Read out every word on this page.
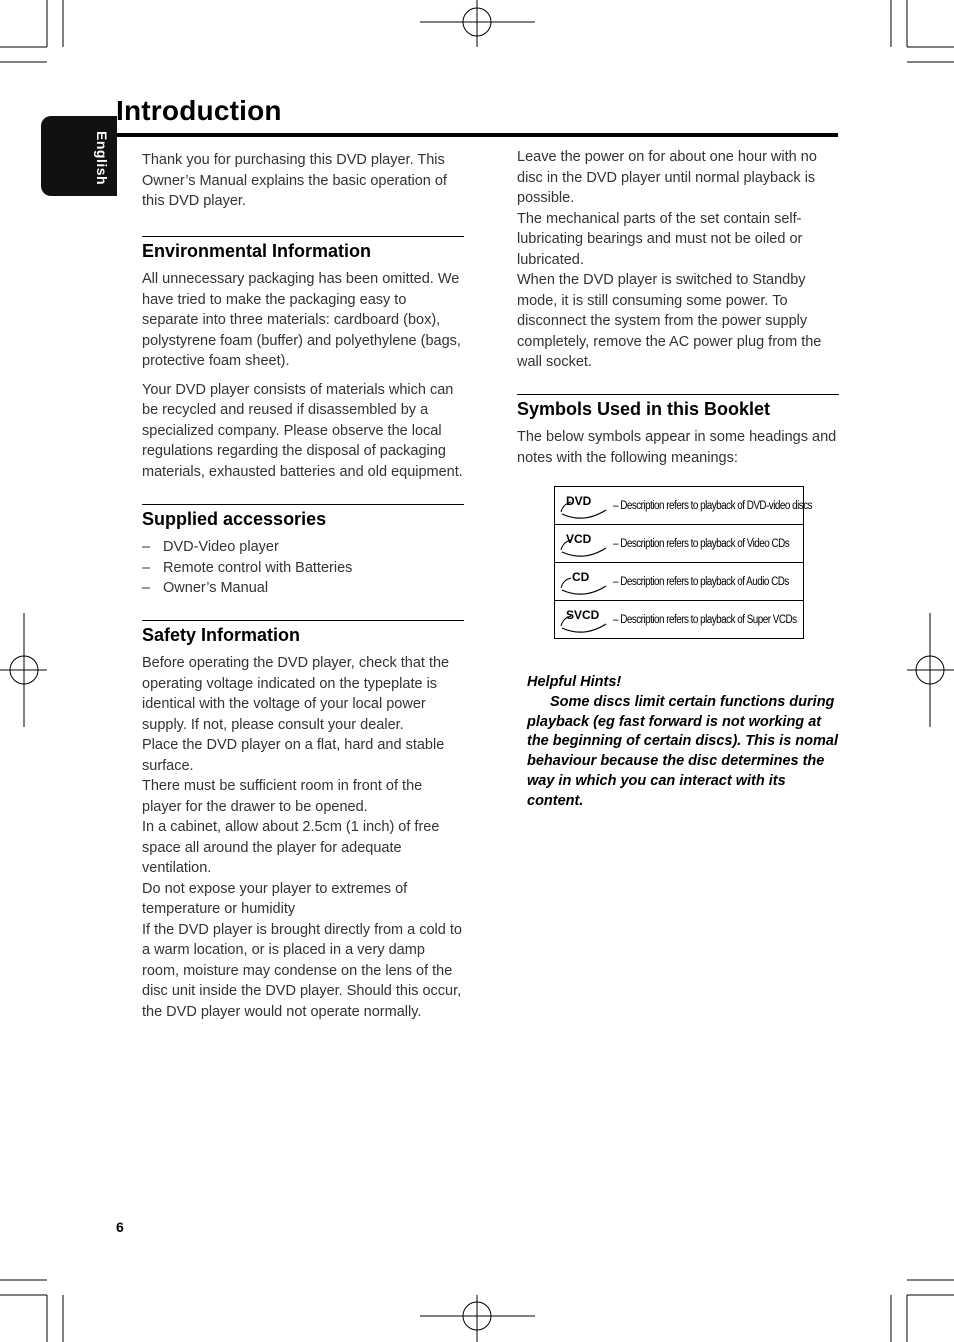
English
Introduction

Thank you for purchasing this DVD player. This Owner’s Manual explains the basic operation of this DVD player.

Environmental Information

All unnecessary packaging has been omitted. We have tried to make the packaging easy to separate into three materials: cardboard (box), polystyrene foam (buffer) and polyethylene (bags, protective foam sheet).

Your DVD player consists of materials which can be recycled and reused if disassembled by a specialized company. Please observe the local regulations regarding the disposal of packaging materials, exhausted batteries and old equipment.

Supplied accessories
– DVD-Video player
– Remote control with Batteries
– Owner’s Manual
Safety Information

Before operating the DVD player, check that the operating voltage indicated on the typeplate is identical with the voltage of your local power supply. If not, please consult your dealer.

Place the DVD player on a flat, hard and stable surface.

There must be sufficient room in front of the player for the drawer to be opened.

In a cabinet, allow about 2.5cm (1 inch) of free space all around the player for adequate ventilation.

Do not expose your player to extremes of temperature or humidity

If the DVD player is brought directly from a cold to a warm location, or is placed in a very damp room, moisture may condense on the lens of the disc unit inside the DVD player. Should this occur, the DVD player would not operate normally.

Leave the power on for about one hour with no disc in the DVD player until normal playback is possible.

The mechanical parts of the set contain self-lubricating bearings and must not be oiled or lubricated.

When the DVD player is switched to Standby mode, it is still consuming some power. To disconnect the system from the power supply completely, remove the AC power plug from the wall socket.

Symbols Used in this Booklet

The below symbols appear in some headings and notes with the following meanings:

DVD – Description refers to playback of DVD-video discs
VCD – Description refers to playback of Video CDs
CD – Description refers to playback of Audio CDs
SVCD – Description refers to playback of Super VCDs

Helpful Hints!

Some discs limit certain functions during playback (eg fast forward is not working at the beginning of certain discs). This is nomal behaviour because the disc determines the way in which you can interact with its content.

6
